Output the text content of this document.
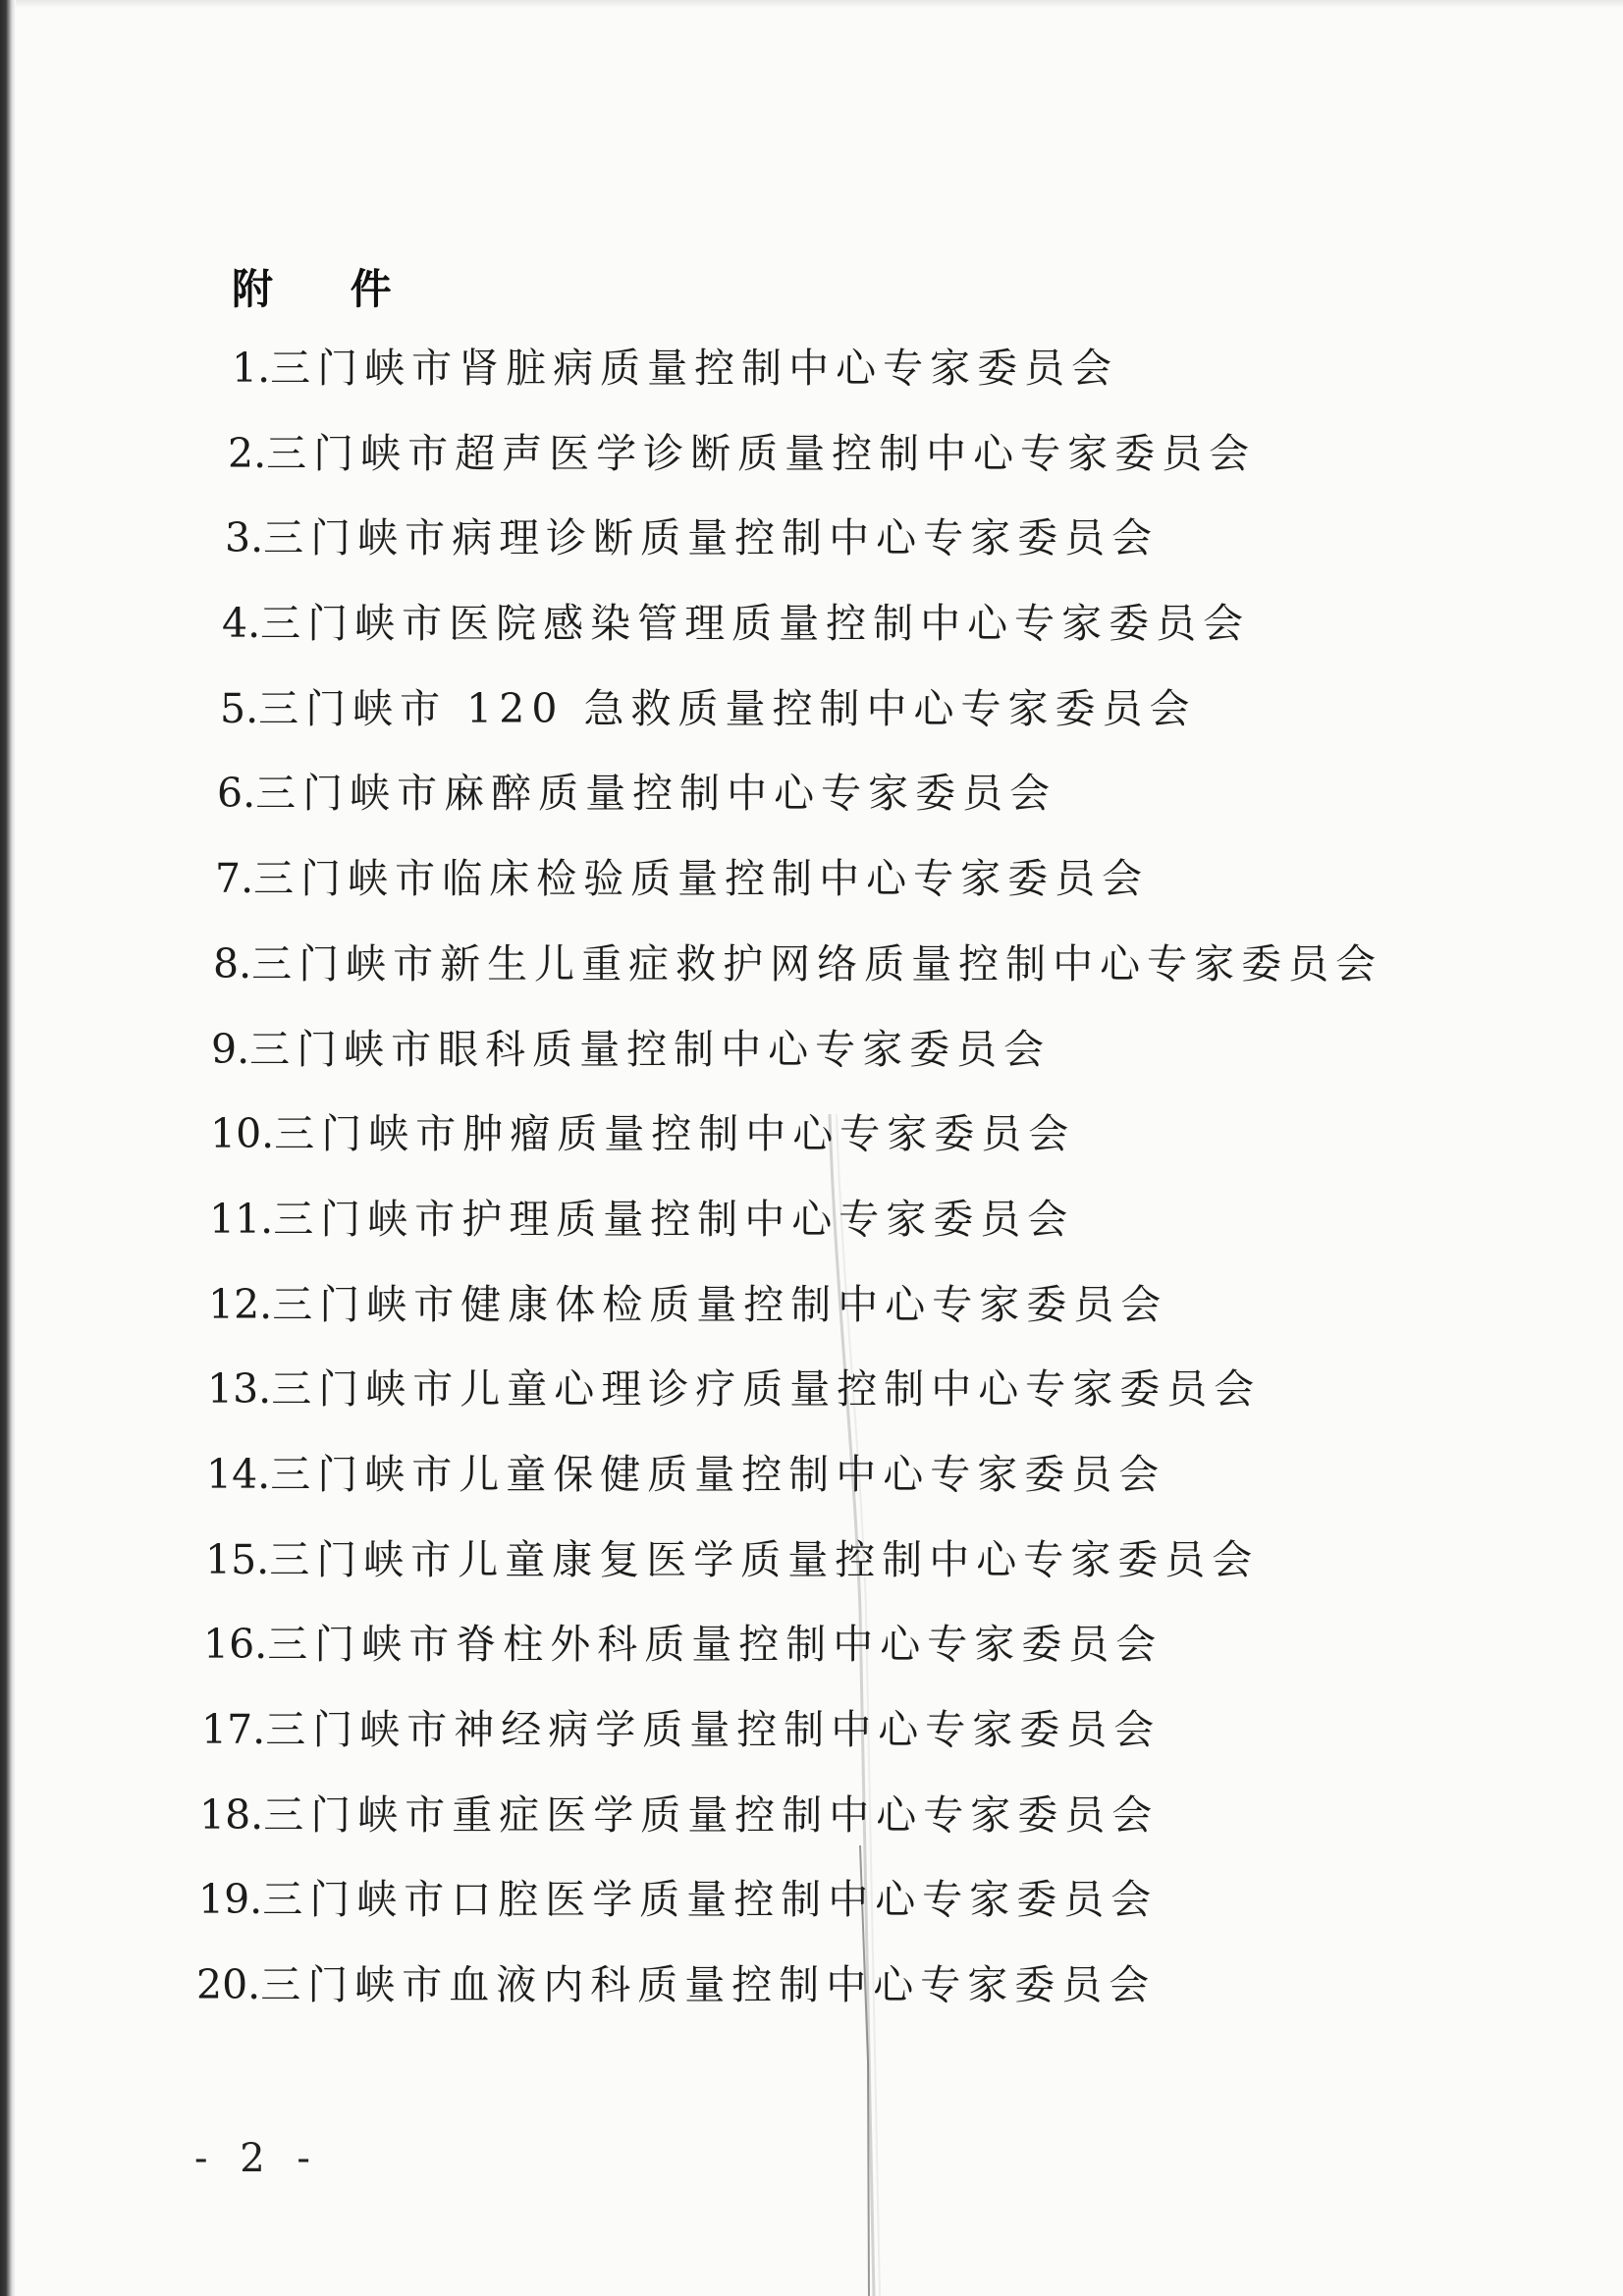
附 件
1.三门峡市肾脏病质量控制中心专家委员会
2.三门峡市超声医学诊断质量控制中心专家委员会
3.三门峡市病理诊断质量控制中心专家委员会
4.三门峡市医院感染管理质量控制中心专家委员会
5.三门峡市 120 急救质量控制中心专家委员会
6.三门峡市麻醉质量控制中心专家委员会
7.三门峡市临床检验质量控制中心专家委员会
8.三门峡市新生儿重症救护网络质量控制中心专家委员会
9.三门峡市眼科质量控制中心专家委员会
10.三门峡市肿瘤质量控制中心专家委员会
11.三门峡市护理质量控制中心专家委员会
12.三门峡市健康体检质量控制中心专家委员会
13.三门峡市儿童心理诊疗质量控制中心专家委员会
14.三门峡市儿童保健质量控制中心专家委员会
15.三门峡市儿童康复医学质量控制中心专家委员会
16.三门峡市脊柱外科质量控制中心专家委员会
17.三门峡市神经病学质量控制中心专家委员会
18.三门峡市重症医学质量控制中心专家委员会
19.三门峡市口腔医学质量控制中心专家委员会
20.三门峡市血液内科质量控制中心专家委员会
- 2 -
